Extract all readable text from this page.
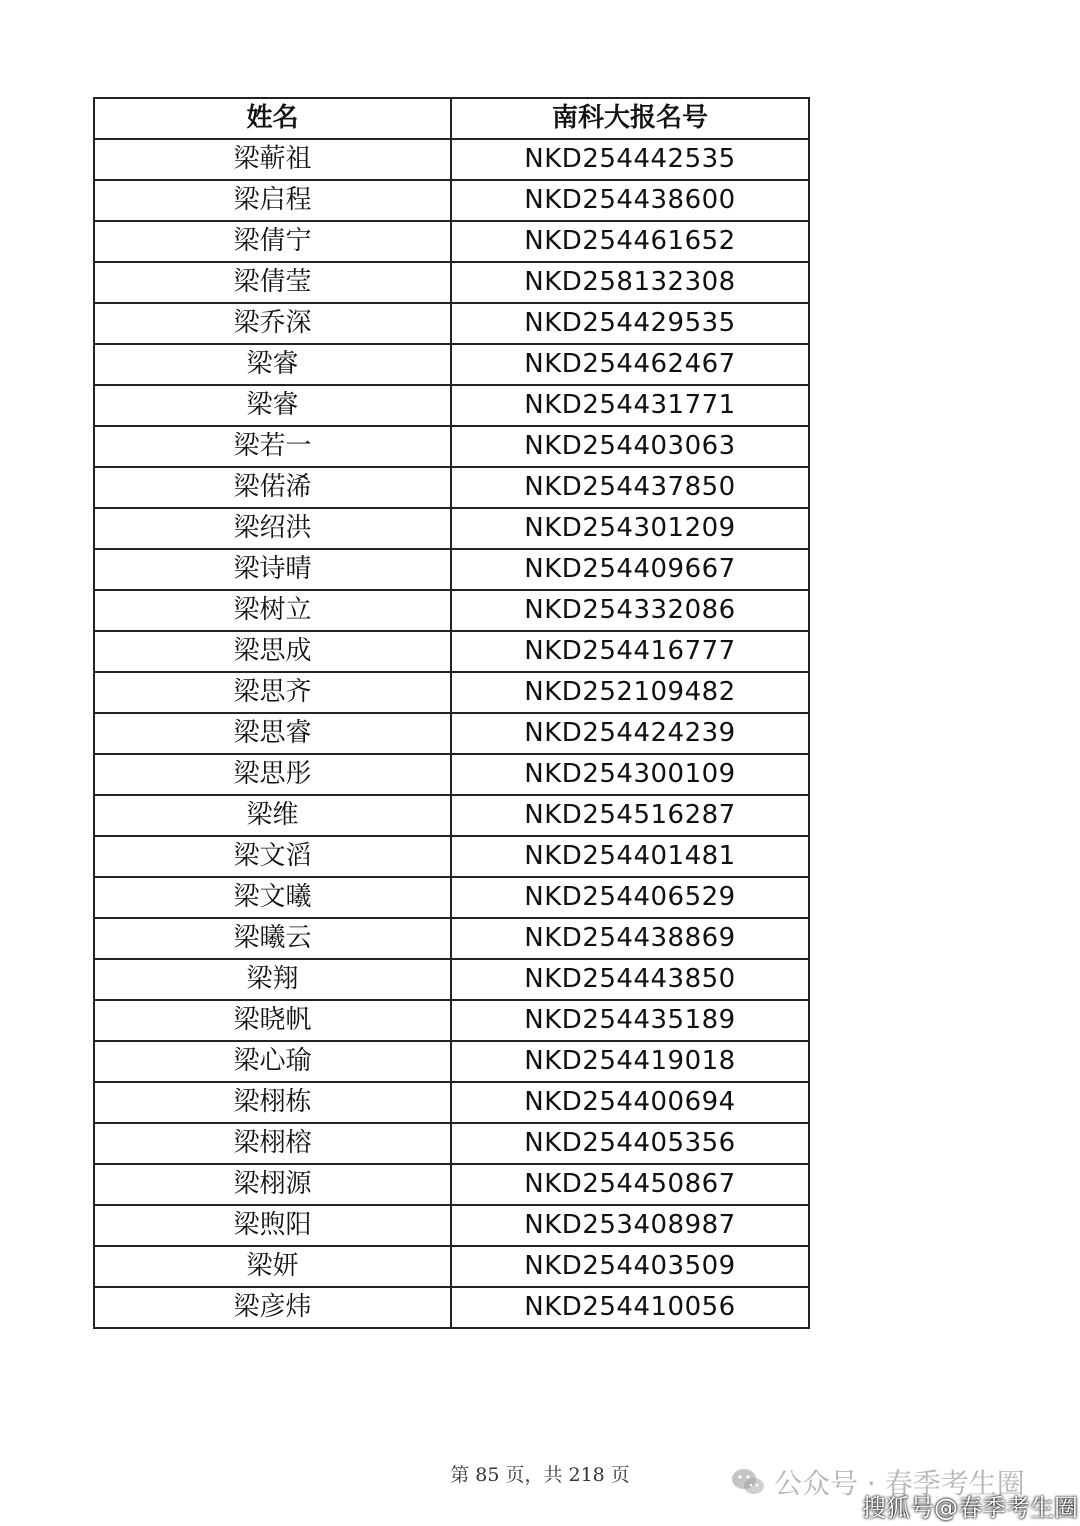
姓名	南科大报名号
梁蕲祖	NKD254442535
梁启程	NKD254438600
梁倩宁	NKD254461652
梁倩莹	NKD258132308
梁乔深	NKD254429535
梁睿	NKD254462467
梁睿	NKD254431771
梁若一	NKD254403063
梁偌浠	NKD254437850
梁绍洪	NKD254301209
梁诗晴	NKD254409667
梁树立	NKD254332086
梁思成	NKD254416777
梁思齐	NKD252109482
梁思睿	NKD254424239
梁思彤	NKD254300109
梁维	NKD254516287
梁文滔	NKD254401481
梁文曦	NKD254406529
梁曦云	NKD254438869
梁翔	NKD254443850
梁晓帆	NKD254435189
梁心瑜	NKD254419018
梁栩栋	NKD254400694
梁栩榕	NKD254405356
梁栩源	NKD254450867
梁煦阳	NKD253408987
梁妍	NKD254403509
梁彦炜	NKD254410056
第 85 页，共 218 页	公众号 · 春季考生圈
搜狐号@春季考生圈
